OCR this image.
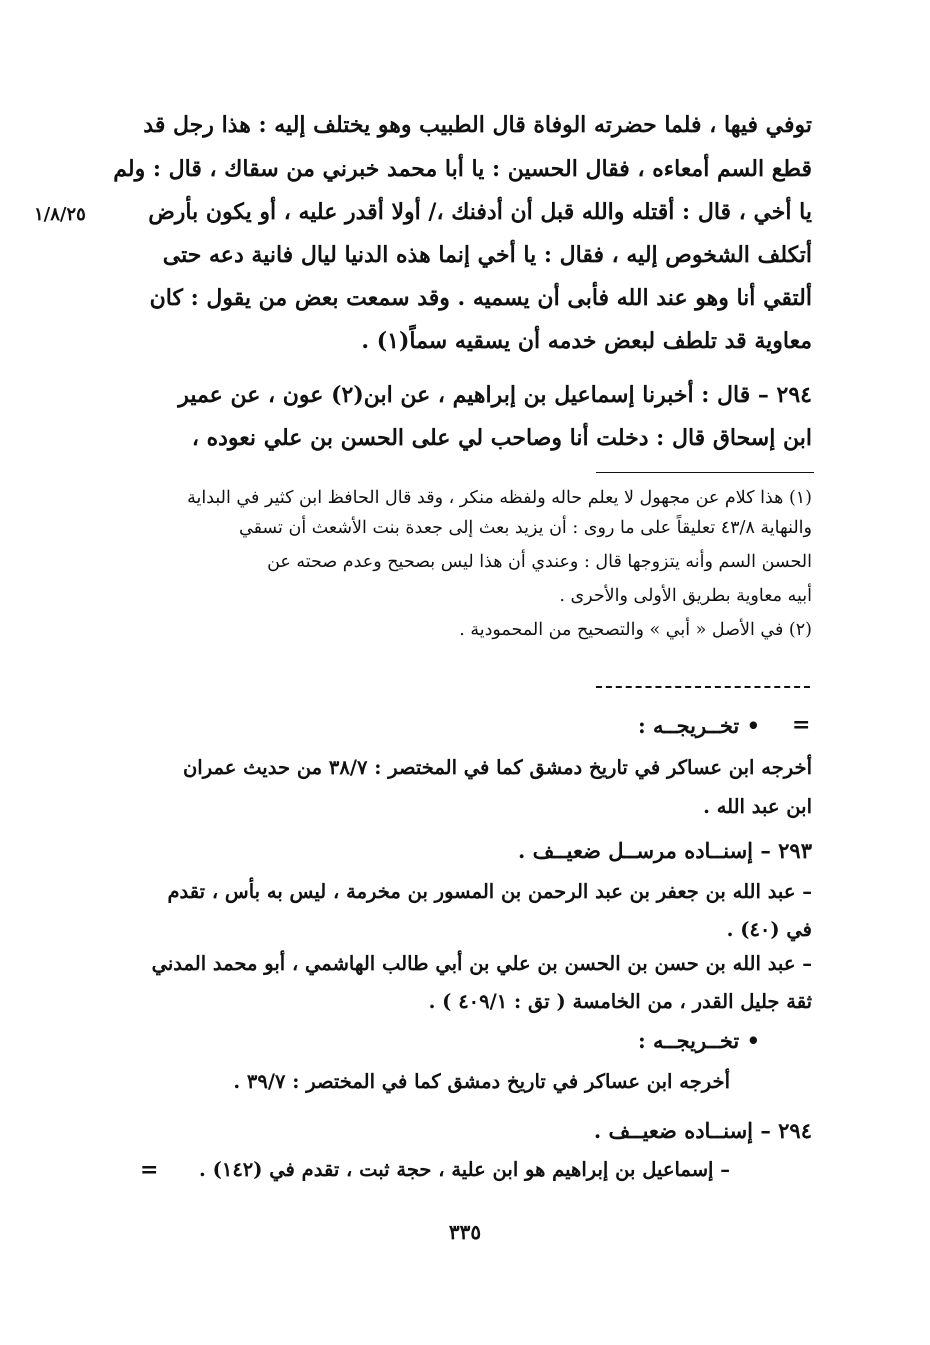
١/٨/٢٥
توفي فيها ، فلما حضرته الوفاة قال الطبيب وهو يختلف إليه : هذا رجل قد
قطع السم أمعاءه ، فقال الحسين : يا أبا محمد خبرني من سقاك ، قال : ولم
يا أخي ، قال : أقتله والله قبل أن أدفنك ،/ أولا أقدر عليه ، أو يكون بأرض
أتكلف الشخوص إليه ، فقال : يا أخي إنما هذه الدنيا ليال فانية دعه حتى
ألتقي أنا وهو عند الله فأبى أن يسميه . وقد سمعت بعض من يقول : كان
معاوية قد تلطف لبعض خدمه أن يسقيه سماً(١) .
٢٩٤ – قال : أخبرنا إسماعيل بن إبراهيم ، عن ابن(٢) عون ، عن عمير
ابن إسحاق قال : دخلت أنا وصاحب لي على الحسن بن علي نعوده ،
(١) هذا كلام عن مجهول لا يعلم حاله ولفظه منكر ، وقد قال الحافظ ابن كثير في البداية
والنهاية ٤٣/٨ تعليقاً على ما روى : أن يزيد بعث إلى جعدة بنت الأشعث أن تسقي
الحسن السم وأنه يتزوجها قال : وعندي أن هذا ليس بصحيح وعدم صحته عن
أبيه معاوية بطريق الأولى والأحرى .
(٢) في الأصل « أبي » والتصحيح من المحمودية .
=
• تخــريجــه :
أخرجه ابن عساكر في تاريخ دمشق كما في المختصر : ٣٨/٧ من حديث عمران
ابن عبد الله .
٢٩٣ – إسنــاده مرســل ضعيــف .
– عبد الله بن جعفر بن عبد الرحمن بن المسور بن مخرمة ، ليس به بأس ، تقدم
في (٤٠) .
– عبد الله بن حسن بن الحسن بن علي بن أبي طالب الهاشمي ، أبو محمد المدني
ثقة جليل القدر ، من الخامسة ( تق : ٤٠٩/١ ) .
• تخــريجــه :
أخرجه ابن عساكر في تاريخ دمشق كما في المختصر : ٣٩/٧ .
٢٩٤ – إسنــاده ضعيــف .
– إسماعيل بن إبراهيم هو ابن علية ، حجة ثبت ، تقدم في (١٤٢) .
=
٣٣٥
